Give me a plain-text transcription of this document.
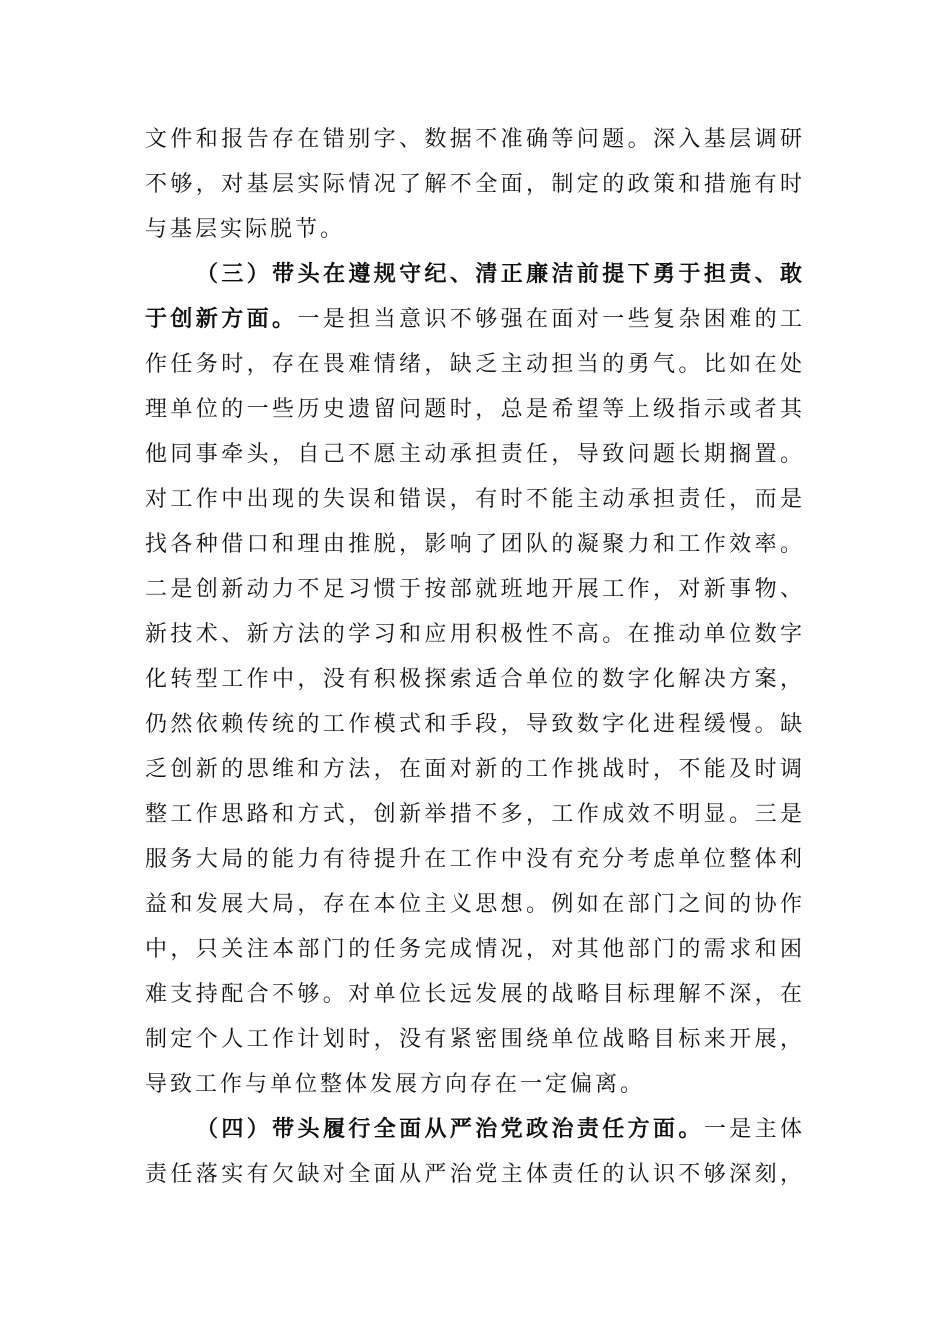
文件和报告存在错别字、数据不准确等问题。深入基层调研
不够，对基层实际情况了解不全面，制定的政策和措施有时
与基层实际脱节。
（三）带头在遵规守纪、清正廉洁前提下勇于担责、敢
于创新方面。一是担当意识不够强在面对一些复杂困难的工
作任务时，存在畏难情绪，缺乏主动担当的勇气。比如在处
理单位的一些历史遗留问题时，总是希望等上级指示或者其
他同事牵头，自己不愿主动承担责任，导致问题长期搁置。
对工作中出现的失误和错误，有时不能主动承担责任，而是
找各种借口和理由推脱，影响了团队的凝聚力和工作效率。
二是创新动力不足习惯于按部就班地开展工作，对新事物、
新技术、新方法的学习和应用积极性不高。在推动单位数字
化转型工作中，没有积极探索适合单位的数字化解决方案，
仍然依赖传统的工作模式和手段，导致数字化进程缓慢。缺
乏创新的思维和方法，在面对新的工作挑战时，不能及时调
整工作思路和方式，创新举措不多，工作成效不明显。三是
服务大局的能力有待提升在工作中没有充分考虑单位整体利
益和发展大局，存在本位主义思想。例如在部门之间的协作
中，只关注本部门的任务完成情况，对其他部门的需求和困
难支持配合不够。对单位长远发展的战略目标理解不深，在
制定个人工作计划时，没有紧密围绕单位战略目标来开展，
导致工作与单位整体发展方向存在一定偏离。
（四）带头履行全面从严治党政治责任方面。一是主体
责任落实有欠缺对全面从严治党主体责任的认识不够深刻，
